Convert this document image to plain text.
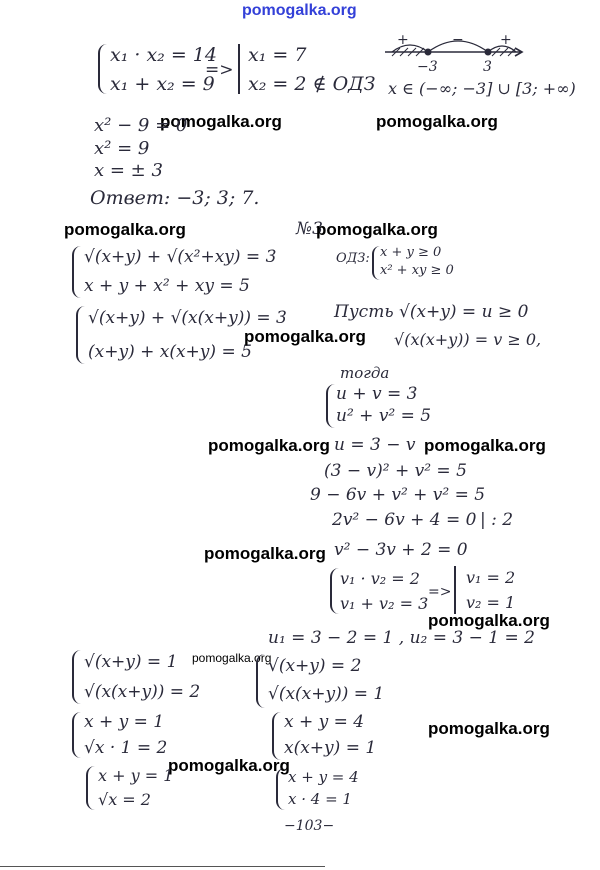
pomogalka.org
x₁ · x₂ = 14
x₁ + x₂ = 9
=>
x₁ = 7
x₂ = 2 ∉ ОДЗ
+	−	+
−3	3
x ∈ (−∞; −3] ∪ [3; +∞)
pomogalka.org	pomogalka.org
x² − 9 = 0
x² = 9
x = ± 3
Ответ: −3; 3; 7.
pomogalka.org	№3
pomogalka.org
√(x+y) + √(x²+xy) = 3
x + y + x² + xy = 5
√(x+y) + √(x(x+y)) = 3
(x+y) + x(x+y) = 5
ОДЗ: x + y ≥ 0
x² + xy ≥ 0
pomogalka.org
Пусть √(x+y) = u ≥ 0
√(x(x+y)) = v ≥ 0,
тогда
u + v = 3
u² + v² = 5
pomogalka.org u = 3 − v pomogalka.org
(3 − v)² + v² = 5
9 − 6v + v² + v² = 5
2v² − 6v + 4 = 0 | : 2
pomogalka.org v² − 3v + 2 = 0
v₁ · v₂ = 2
v₁ + v₂ = 3
=>
v₁ = 2
v₂ = 1
pomogalka.org
u₁ = 3 − 2 = 1 , u₂ = 3 − 1 = 2
pomogalka.org
√(x+y) = 1
√(x(x+y)) = 2
x + y = 1
√x · 1 = 2
pomogalka.org
x + y = 1
√x = 2
√(x+y) = 2
√(x(x+y)) = 1
x + y = 4
x(x+y) = 1
pomogalka.org
x + y = 4
x · 4 = 1
−103−
